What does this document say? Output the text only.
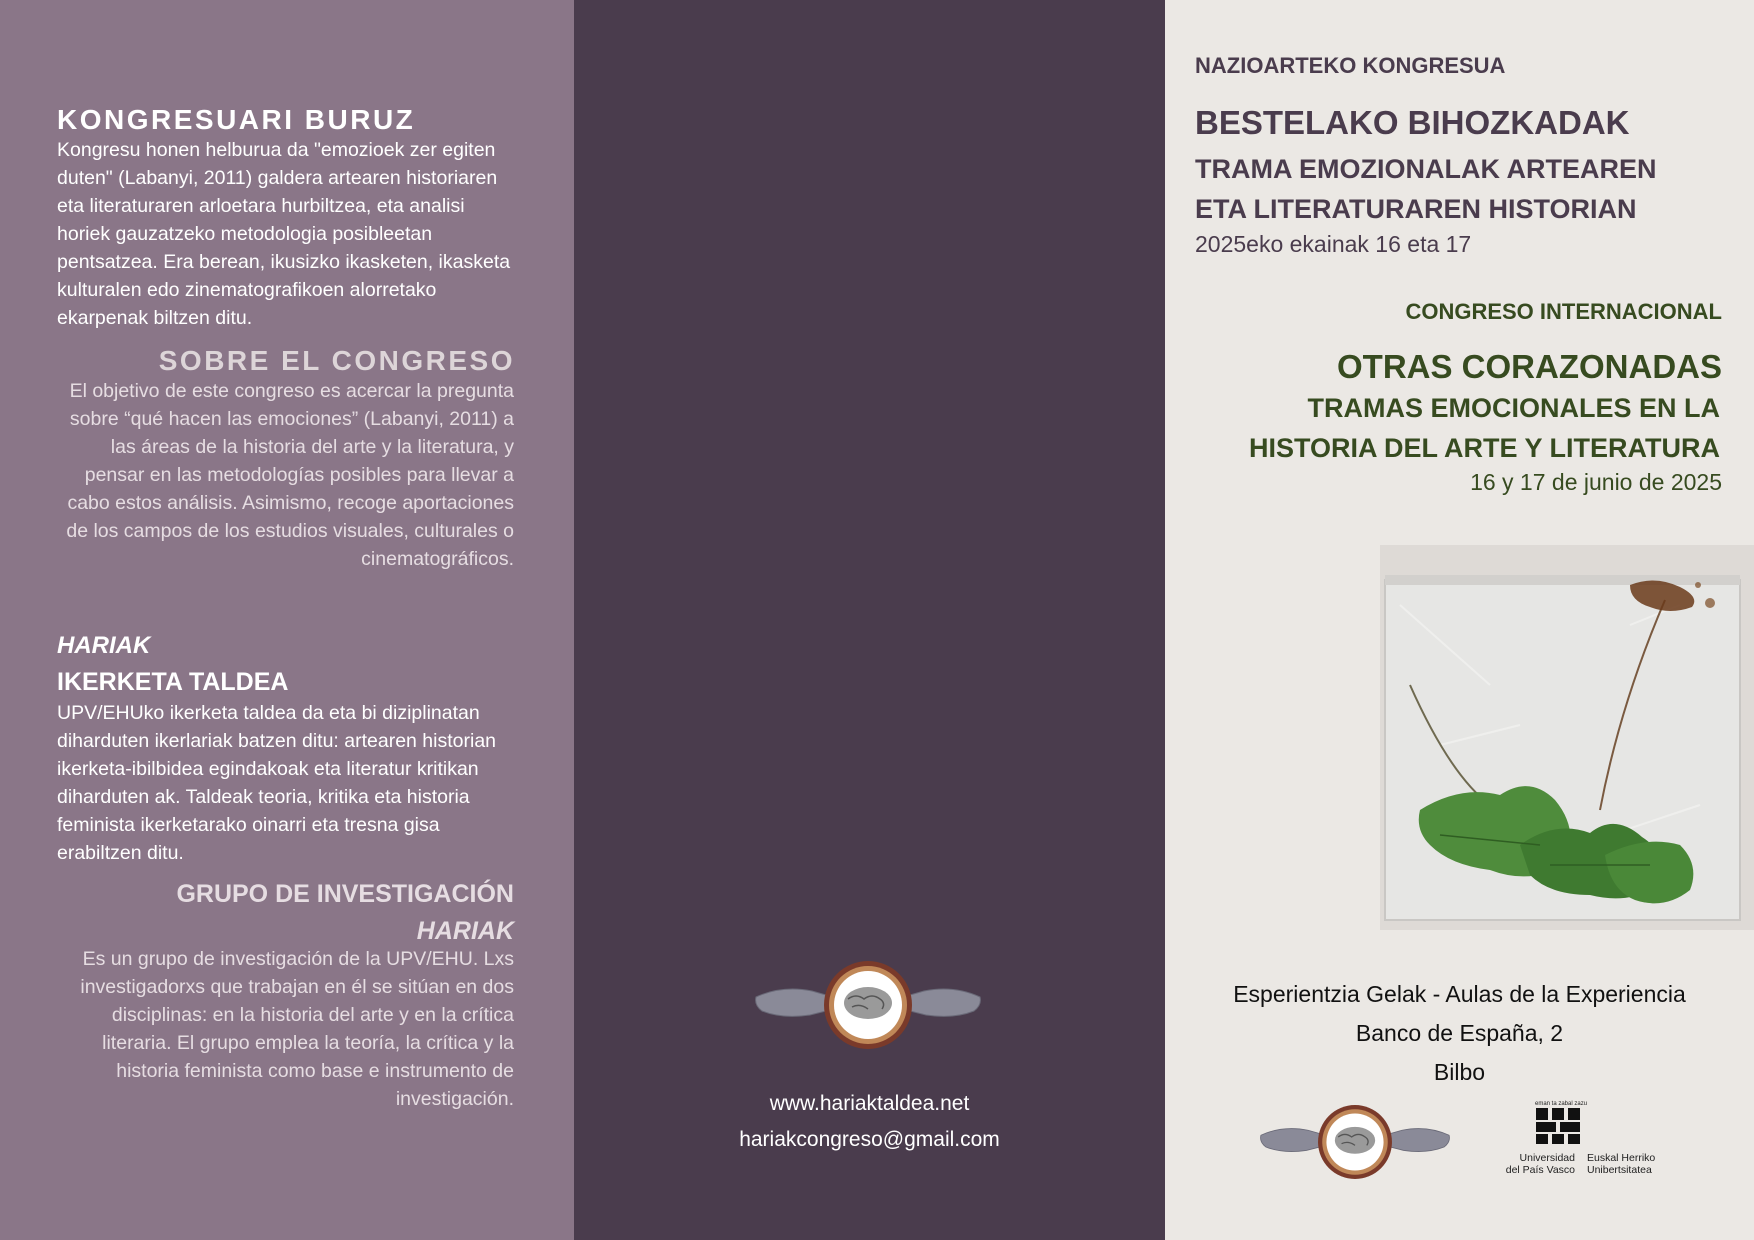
KONGRESUARI BURUZ

Kongresu honen helburua da "emozioek zer egiten duten" (Labanyi, 2011) galdera artearen historiaren eta literaturaren arloetara hurbiltzea, eta analisi horiek gauzatzeko metodologia posibleetan pentsatzea. Era berean, ikusizko ikasketen, ikasketa kulturalen edo zinematografikoen alorretako ekarpenak biltzen ditu.

SOBRE EL CONGRESO

El objetivo de este congreso es acercar la pregunta sobre “qué hacen las emociones” (Labanyi, 2011) a las áreas de la historia del arte y la literatura, y pensar en las metodologías posibles para llevar a cabo estos análisis. Asimismo, recoge aportaciones de los campos de los estudios visuales, culturales o cinematográficos.

HARIAK
IKERKETA TALDEA

UPV/EHUko ikerketa taldea da eta bi diziplinatan diharduten ikerlariak batzen ditu: artearen historian ikerketa-ibilbidea egindakoak eta literatur kritikan diharduten ak. Taldeak teoria, kritika eta historia feminista ikerketarako oinarri eta tresna gisa erabiltzen ditu.

GRUPO DE INVESTIGACIÓN
HARIAK

Es un grupo de investigación de la UPV/EHU. Lxs investigadorxs que trabajan en él se sitúan en dos disciplinas: en la historia del arte y en la crítica literaria. El grupo emplea la teoría, la crítica y la historia feminista como base e instrumento de investigación.	www.hariaktaldea.net
hariakcongreso@gmail.com
NAZIOARTEKO KONGRESUA
BESTELAKO BIHOZKADAK
TRAMA EMOZIONALAK ARTEAREN
ETA LITERATURAREN HISTORIAN
2025eko ekainak 16 eta 17
CONGRESO INTERNACIONAL
OTRAS CORAZONADAS
TRAMAS EMOCIONALES EN LA
HISTORIA DEL ARTE Y LITERATURA
16 y 17 de junio de 2025
Esperientzia Gelak - Aulas de la Experiencia
Banco de España, 2
Bilbo
eman ta zabal zazu
Universidad
del País Vasco
Euskal Herriko
Unibertsitatea
